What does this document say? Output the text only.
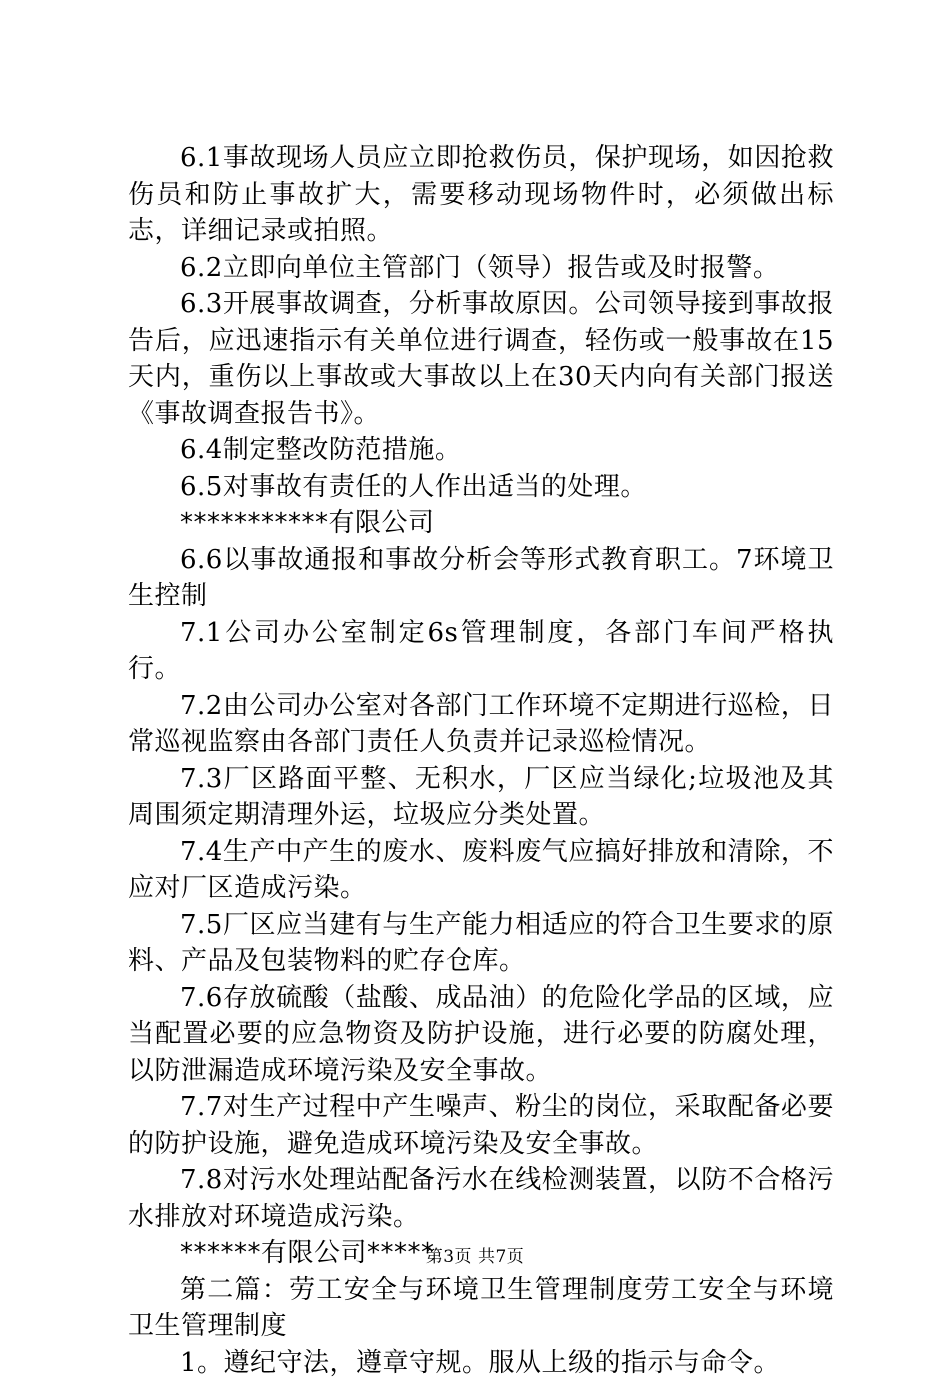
6.1事故现场人员应立即抢救伤员，保护现场，如因抢救伤员和防止事故扩大，需要移动现场物件时，必须做出标志，详细记录或拍照。

6.2立即向单位主管部门（领导）报告或及时报警。

6.3开展事故调查，分析事故原因。公司领导接到事故报告后，应迅速指示有关单位进行调查，轻伤或一般事故在15天内，重伤以上事故或大事故以上在30天内向有关部门报送《事故调查报告书》。

6.4制定整改防范措施。

6.5对事故有责任的人作出适当的处理。

***********有限公司

6.6以事故通报和事故分析会等形式教育职工。7环境卫生控制

7.1公司办公室制定6s管理制度，各部门车间严格执行。

7.2由公司办公室对各部门工作环境不定期进行巡检，日常巡视监察由各部门责任人负责并记录巡检情况。

7.3厂区路面平整、无积水，厂区应当绿化;垃圾池及其周围须定期清理外运，垃圾应分类处置。

7.4生产中产生的废水、废料废气应搞好排放和清除，不应对厂区造成污染。

7.5厂区应当建有与生产能力相适应的符合卫生要求的原料、产品及包装物料的贮存仓库。

7.6存放硫酸（盐酸、成品油）的危险化学品的区域，应当配置必要的应急物资及防护设施，进行必要的防腐处理，以防泄漏造成环境污染及安全事故。

7.7对生产过程中产生噪声、粉尘的岗位，采取配备必要的防护设施，避免造成环境污染及安全事故。

7.8对污水处理站配备污水在线检测装置，以防不合格污水排放对环境造成污染。

******有限公司*****

第二篇：劳工安全与环境卫生管理制度劳工安全与环境卫生管理制度

1。遵纪守法，遵章守规。服从上级的指示与命令。

第3页 共7页
